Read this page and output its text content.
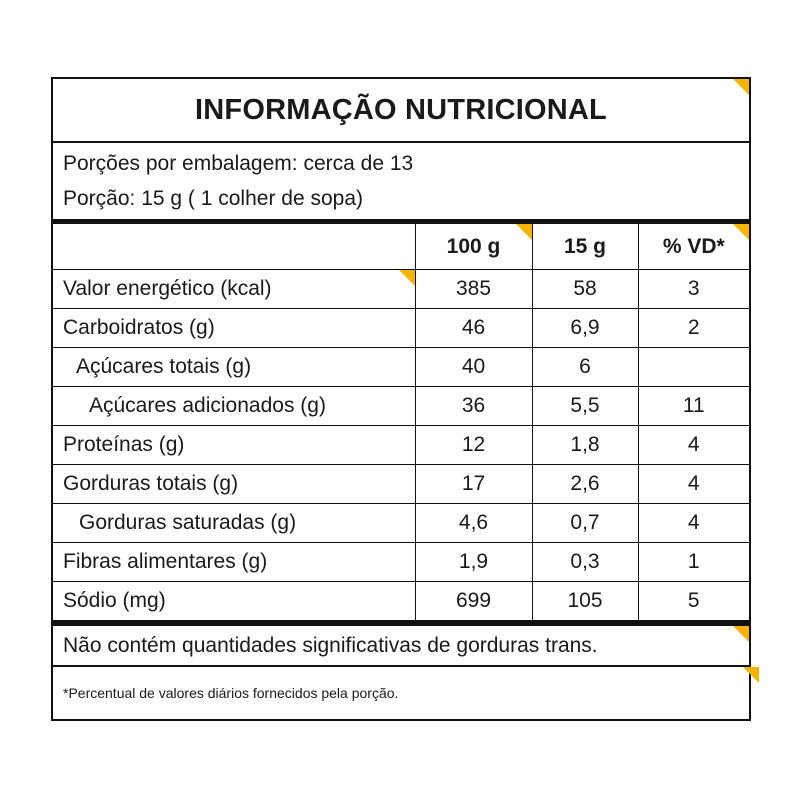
INFORMAÇÃO NUTRICIONAL
Porções por embalagem: cerca de 13
Porção: 15 g ( 1 colher de sopa)
	100 g	15 g	% VD*

Valor energético (kcal)	385	58	3
Carboidratos (g)	46	6,9	2
Açúcares totais (g)	40	6	
Açúcares adicionados (g)	36	5,5	11
Proteínas (g)	12	1,8	4
Gorduras totais (g)	17	2,6	4
Gorduras saturadas (g)	4,6	0,7	4
Fibras alimentares (g)	1,9	0,3	1
Sódio (mg)	699	105	5
Não contém quantidades significativas de gorduras trans.
*Percentual de valores diários fornecidos pela porção.
